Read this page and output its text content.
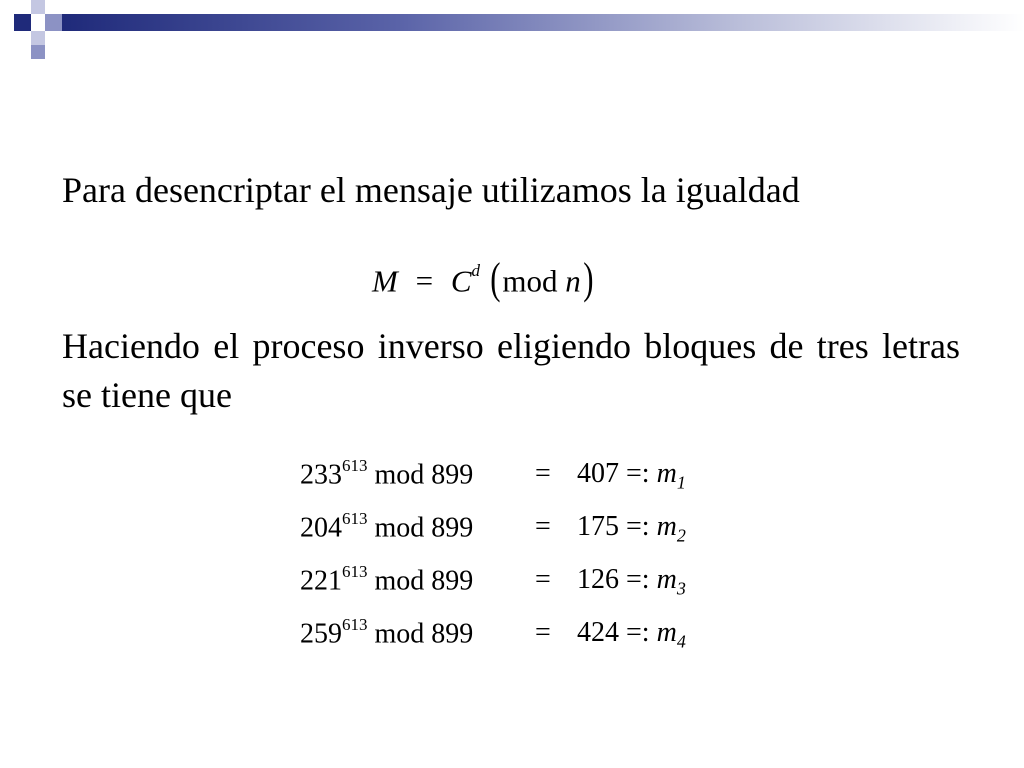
Para desencriptar el mensaje utilizamos la igualdad

$M = C^d$ (mod n)

Haciendo el proceso inverso eligiendo bloques de tres letras se tiene que

$233^{613}$ mod 899 = 407 =: $m_1$
$204^{613}$ mod 899 = 175 =: $m_2$
$221^{613}$ mod 899 = 126 =: $m_3$
$259^{613}$ mod 899 = 424 =: $m_4$
